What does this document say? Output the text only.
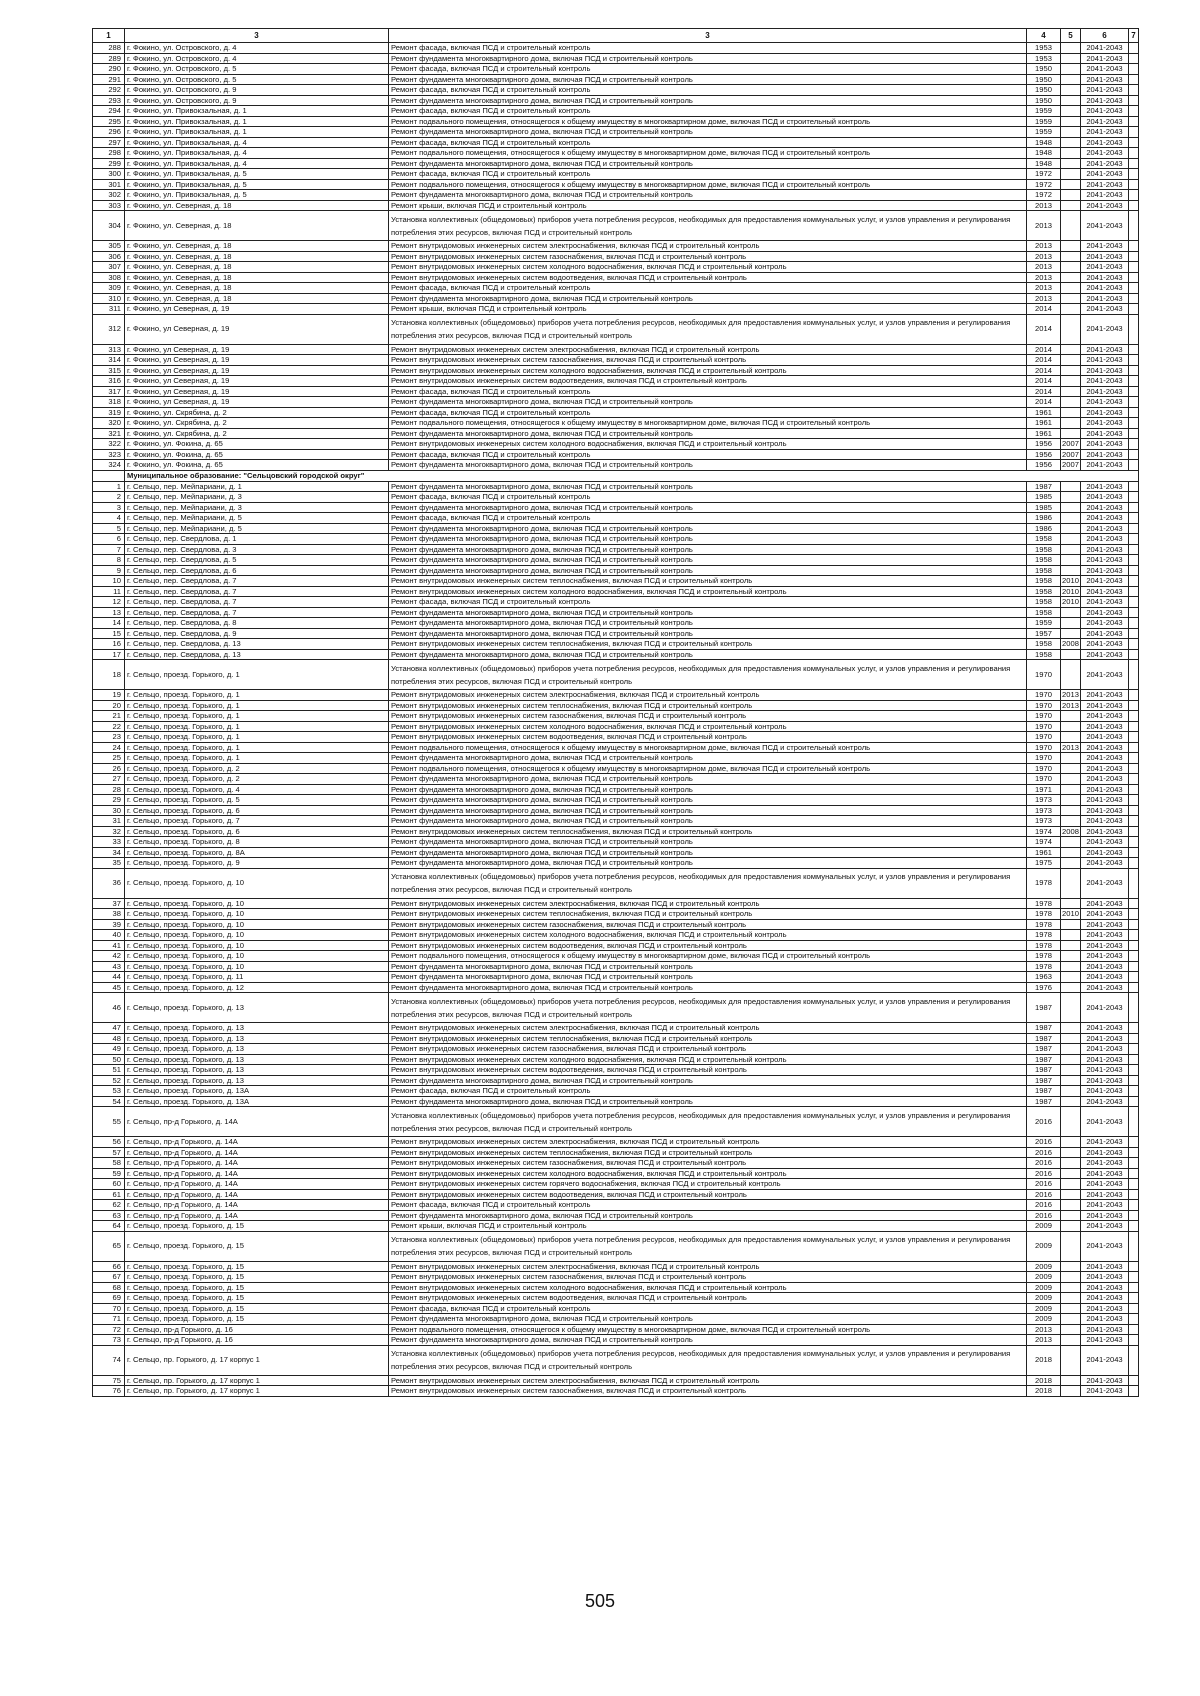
1	3	3	4	5	6	7
288	г. Фокино, ул. Островского, д. 4	Ремонт фасада, включая ПСД и строительный контроль	1953		2041-2043	
289	г. Фокино, ул. Островского, д. 4	Ремонт фундамента многоквартирного дома, включая ПСД и строительный контроль	1953		2041-2043	
290	г. Фокино, ул. Островского, д. 5	Ремонт фасада, включая ПСД и строительный контроль	1950		2041-2043	
291	г. Фокино, ул. Островского, д. 5	Ремонт фундамента многоквартирного дома, включая ПСД и строительный контроль	1950		2041-2043	
292	г. Фокино, ул. Островского, д. 9	Ремонт фасада, включая ПСД и строительный контроль	1950		2041-2043	
293	г. Фокино, ул. Островского, д. 9	Ремонт фундамента многоквартирного дома, включая ПСД и строительный контроль	1950		2041-2043	
294	г. Фокино, ул. Привокзальная, д. 1	Ремонт фасада, включая ПСД и строительный контроль	1959		2041-2043	
295	г. Фокино, ул. Привокзальная, д. 1	Ремонт подвального помещения, относящегося к общему имуществу в многоквартирном доме, включая ПСД и строительный контроль	1959		2041-2043	
296	г. Фокино, ул. Привокзальная, д. 1	Ремонт фундамента многоквартирного дома, включая ПСД и строительный контроль	1959		2041-2043	
297	г. Фокино, ул. Привокзальная, д. 4	Ремонт фасада, включая ПСД и строительный контроль	1948		2041-2043	
298	г. Фокино, ул. Привокзальная, д. 4	Ремонт подвального помещения, относящегося к общему имуществу в многоквартирном доме, включая ПСД и строительный контроль	1948		2041-2043	
299	г. Фокино, ул. Привокзальная, д. 4	Ремонт фундамента многоквартирного дома, включая ПСД и строительный контроль	1948		2041-2043	
300	г. Фокино, ул. Привокзальная, д. 5	Ремонт фасада, включая ПСД и строительный контроль	1972		2041-2043	
301	г. Фокино, ул. Привокзальная, д. 5	Ремонт подвального помещения, относящегося к общему имуществу в многоквартирном доме, включая ПСД и строительный контроль	1972		2041-2043	
302	г. Фокино, ул. Привокзальная, д. 5	Ремонт фундамента многоквартирного дома, включая ПСД и строительный контроль	1972		2041-2043	
303	г. Фокино, ул. Северная, д. 18	Ремонт крыши, включая ПСД и строительный контроль	2013		2041-2043	
304	г. Фокино, ул. Северная, д. 18	Установка коллективных (общедомовых) приборов учета потребления ресурсов, необходимых для предоставления коммунальных услуг, и узлов управления и регулирования потребления этих ресурсов, включая ПСД и строительный контроль	2013		2041-2043	
305	г. Фокино, ул. Северная, д. 18	Ремонт внутридомовых инженерных систем электроснабжения, включая ПСД и строительный контроль	2013		2041-2043	
306	г. Фокино, ул. Северная, д. 18	Ремонт внутридомовых инженерных систем газоснабжения, включая ПСД и строительный контроль	2013		2041-2043	
307	г. Фокино, ул. Северная, д. 18	Ремонт внутридомовых инженерных систем холодного водоснабжения, включая ПСД и строительный контроль	2013		2041-2043	
308	г. Фокино, ул. Северная, д. 18	Ремонт внутридомовых инженерных систем водоотведения, включая ПСД и строительный контроль	2013		2041-2043	
309	г. Фокино, ул. Северная, д. 18	Ремонт фасада, включая ПСД и строительный контроль	2013		2041-2043	
310	г. Фокино, ул. Северная, д. 18	Ремонт фундамента многоквартирного дома, включая ПСД и строительный контроль	2013		2041-2043	
311	г. Фокино, ул Северная, д. 19	Ремонт крыши, включая ПСД и строительный контроль	2014		2041-2043	
312	г. Фокино, ул Северная, д. 19	Установка коллективных (общедомовых) приборов учета потребления ресурсов, необходимых для предоставления коммунальных услуг, и узлов управления и регулирования потребления этих ресурсов, включая ПСД и строительный контроль	2014		2041-2043	
313	г. Фокино, ул Северная, д. 19	Ремонт внутридомовых инженерных систем электроснабжения, включая ПСД и строительный контроль	2014		2041-2043	
314	г. Фокино, ул Северная, д. 19	Ремонт внутридомовых инженерных систем газоснабжения, включая ПСД и строительный контроль	2014		2041-2043	
315	г. Фокино, ул Северная, д. 19	Ремонт внутридомовых инженерных систем холодного водоснабжения, включая ПСД и строительный контроль	2014		2041-2043	
316	г. Фокино, ул Северная, д. 19	Ремонт внутридомовых инженерных систем водоотведения, включая ПСД и строительный контроль	2014		2041-2043	
317	г. Фокино, ул Северная, д. 19	Ремонт фасада, включая ПСД и строительный контроль	2014		2041-2043	
318	г. Фокино, ул Северная, д. 19	Ремонт фундамента многоквартирного дома, включая ПСД и строительный контроль	2014		2041-2043	
319	г. Фокино, ул. Скрябина, д. 2	Ремонт фасада, включая ПСД и строительный контроль	1961		2041-2043	
320	г. Фокино, ул. Скрябина, д. 2	Ремонт подвального помещения, относящегося к общему имуществу в многоквартирном доме, включая ПСД и строительный контроль	1961		2041-2043	
321	г. Фокино, ул. Скрябина, д. 2	Ремонт фундамента многоквартирного дома, включая ПСД и строительный контроль	1961		2041-2043	
322	г. Фокино, ул. Фокина, д. 65	Ремонт внутридомовых инженерных систем холодного водоснабжения, включая ПСД и строительный контроль	1956	2007	2041-2043	
323	г. Фокино, ул. Фокина, д. 65	Ремонт фасада, включая ПСД и строительный контроль	1956	2007	2041-2043	
324	г. Фокино, ул. Фокина, д. 65	Ремонт фундамента многоквартирного дома, включая ПСД и строительный контроль	1956	2007	2041-2043	
	Муниципальное образование: "Сельцовский городской округ"					
1	г. Сельцо, пер. Мейпариани, д. 1	Ремонт фундамента многоквартирного дома, включая ПСД и строительный контроль	1987		2041-2043	
2	г. Сельцо, пер. Мейпариани, д. 3	Ремонт фасада, включая ПСД и строительный контроль	1985		2041-2043	
3	г. Сельцо, пер. Мейпариани, д. 3	Ремонт фундамента многоквартирного дома, включая ПСД и строительный контроль	1985		2041-2043	
4	г. Сельцо, пер. Мейпариани, д. 5	Ремонт фасада, включая ПСД и строительный контроль	1986		2041-2043	
5	г. Сельцо, пер. Мейпариани, д. 5	Ремонт фундамента многоквартирного дома, включая ПСД и строительный контроль	1986		2041-2043	
6	г. Сельцо, пер. Свердлова, д. 1	Ремонт фундамента многоквартирного дома, включая ПСД и строительный контроль	1958		2041-2043	
7	г. Сельцо, пер. Свердлова, д. 3	Ремонт фундамента многоквартирного дома, включая ПСД и строительный контроль	1958		2041-2043	
8	г. Сельцо, пер. Свердлова, д. 5	Ремонт фундамента многоквартирного дома, включая ПСД и строительный контроль	1958		2041-2043	
9	г. Сельцо, пер. Свердлова, д. 6	Ремонт фундамента многоквартирного дома, включая ПСД и строительный контроль	1958		2041-2043	
10	г. Сельцо, пер. Свердлова, д. 7	Ремонт внутридомовых инженерных систем теплоснабжения, включая ПСД и строительный контроль	1958	2010	2041-2043	
11	г. Сельцо, пер. Свердлова, д. 7	Ремонт внутридомовых инженерных систем холодного водоснабжения, включая ПСД и строительный контроль	1958	2010	2041-2043	
12	г. Сельцо, пер. Свердлова, д. 7	Ремонт фасада, включая ПСД и строительный контроль	1958	2010	2041-2043	
13	г. Сельцо, пер. Свердлова, д. 7	Ремонт фундамента многоквартирного дома, включая ПСД и строительный контроль	1958		2041-2043	
14	г. Сельцо, пер. Свердлова, д. 8	Ремонт фундамента многоквартирного дома, включая ПСД и строительный контроль	1959		2041-2043	
15	г. Сельцо, пер. Свердлова, д. 9	Ремонт фундамента многоквартирного дома, включая ПСД и строительный контроль	1957		2041-2043	
16	г. Сельцо, пер. Свердлова, д. 13	Ремонт внутридомовых инженерных систем теплоснабжения, включая ПСД и строительный контроль	1958	2008	2041-2043	
17	г. Сельцо, пер. Свердлова, д. 13	Ремонт фундамента многоквартирного дома, включая ПСД и строительный контроль	1958		2041-2043	
18	г. Сельцо, проезд. Горького, д. 1	Установка коллективных (общедомовых) приборов учета потребления ресурсов, необходимых для предоставления коммунальных услуг, и узлов управления и регулирования потребления этих ресурсов, включая ПСД и строительный контроль	1970		2041-2043	
19	г. Сельцо, проезд. Горького, д. 1	Ремонт внутридомовых инженерных систем электроснабжения, включая ПСД и строительный контроль	1970	2013	2041-2043	
20	г. Сельцо, проезд. Горького, д. 1	Ремонт внутридомовых инженерных систем теплоснабжения, включая ПСД и строительный контроль	1970	2013	2041-2043	
21	г. Сельцо, проезд. Горького, д. 1	Ремонт внутридомовых инженерных систем газоснабжения, включая ПСД и строительный контроль	1970		2041-2043	
22	г. Сельцо, проезд. Горького, д. 1	Ремонт внутридомовых инженерных систем холодного водоснабжения, включая ПСД и строительный контроль	1970		2041-2043	
23	г. Сельцо, проезд. Горького, д. 1	Ремонт внутридомовых инженерных систем водоотведения, включая ПСД и строительный контроль	1970		2041-2043	
24	г. Сельцо, проезд. Горького, д. 1	Ремонт подвального помещения, относящегося к общему имуществу в многоквартирном доме, включая ПСД и строительный контроль	1970	2013	2041-2043	
25	г. Сельцо, проезд. Горького, д. 1	Ремонт фундамента многоквартирного дома, включая ПСД и строительный контроль	1970		2041-2043	
26	г. Сельцо, проезд. Горького, д. 2	Ремонт подвального помещения, относящегося к общему имуществу в многоквартирном доме, включая ПСД и строительный контроль	1970		2041-2043	
27	г. Сельцо, проезд. Горького, д. 2	Ремонт фундамента многоквартирного дома, включая ПСД и строительный контроль	1970		2041-2043	
28	г. Сельцо, проезд. Горького, д. 4	Ремонт фундамента многоквартирного дома, включая ПСД и строительный контроль	1971		2041-2043	
29	г. Сельцо, проезд. Горького, д. 5	Ремонт фундамента многоквартирного дома, включая ПСД и строительный контроль	1973		2041-2043	
30	г. Сельцо, проезд. Горького, д. 6	Ремонт фундамента многоквартирного дома, включая ПСД и строительный контроль	1973		2041-2043	
31	г. Сельцо, проезд. Горького, д. 7	Ремонт фундамента многоквартирного дома, включая ПСД и строительный контроль	1973		2041-2043	
32	г. Сельцо, проезд. Горького, д. 6	Ремонт внутридомовых инженерных систем теплоснабжения, включая ПСД и строительный контроль	1974	2008	2041-2043	
33	г. Сельцо, проезд. Горького, д. 8	Ремонт фундамента многоквартирного дома, включая ПСД и строительный контроль	1974		2041-2043	
34	г. Сельцо, проезд. Горького, д. 8А	Ремонт фундамента многоквартирного дома, включая ПСД и строительный контроль	1961		2041-2043	
35	г. Сельцо, проезд. Горького, д. 9	Ремонт фундамента многоквартирного дома, включая ПСД и строительный контроль	1975		2041-2043	
36	г. Сельцо, проезд. Горького, д. 10	Установка коллективных (общедомовых) приборов учета потребления ресурсов, необходимых для предоставления коммунальных услуг, и узлов управления и регулирования потребления этих ресурсов, включая ПСД и строительный контроль	1978		2041-2043	
37	г. Сельцо, проезд. Горького, д. 10	Ремонт внутридомовых инженерных систем электроснабжения, включая ПСД и строительный контроль	1978		2041-2043	
38	г. Сельцо, проезд. Горького, д. 10	Ремонт внутридомовых инженерных систем теплоснабжения, включая ПСД и строительный контроль	1978	2010	2041-2043	
39	г. Сельцо, проезд. Горького, д. 10	Ремонт внутридомовых инженерных систем газоснабжения, включая ПСД и строительный контроль	1978		2041-2043	
40	г. Сельцо, проезд. Горького, д. 10	Ремонт внутридомовых инженерных систем холодного водоснабжения, включая ПСД и строительный контроль	1978		2041-2043	
41	г. Сельцо, проезд. Горького, д. 10	Ремонт внутридомовых инженерных систем водоотведения, включая ПСД и строительный контроль	1978		2041-2043	
42	г. Сельцо, проезд. Горького, д. 10	Ремонт подвального помещения, относящегося к общему имуществу в многоквартирном доме, включая ПСД и строительный контроль	1978		2041-2043	
43	г. Сельцо, проезд. Горького, д. 10	Ремонт фундамента многоквартирного дома, включая ПСД и строительный контроль	1978		2041-2043	
44	г. Сельцо, проезд. Горького, д. 11	Ремонт фундамента многоквартирного дома, включая ПСД и строительный контроль	1963		2041-2043	
45	г. Сельцо, проезд. Горького, д. 12	Ремонт фундамента многоквартирного дома, включая ПСД и строительный контроль	1976		2041-2043	
46	г. Сельцо, проезд. Горького, д. 13	Установка коллективных (общедомовых) приборов учета потребления ресурсов, необходимых для предоставления коммунальных услуг, и узлов управления и регулирования потребления этих ресурсов, включая ПСД и строительный контроль	1987		2041-2043	
47	г. Сельцо, проезд. Горького, д. 13	Ремонт внутридомовых инженерных систем электроснабжения, включая ПСД и строительный контроль	1987		2041-2043	
48	г. Сельцо, проезд. Горького, д. 13	Ремонт внутридомовых инженерных систем теплоснабжения, включая ПСД и строительный контроль	1987		2041-2043	
49	г. Сельцо, проезд. Горького, д. 13	Ремонт внутридомовых инженерных систем газоснабжения, включая ПСД и строительный контроль	1987		2041-2043	
50	г. Сельцо, проезд. Горького, д. 13	Ремонт внутридомовых инженерных систем холодного водоснабжения, включая ПСД и строительный контроль	1987		2041-2043	
51	г. Сельцо, проезд. Горького, д. 13	Ремонт внутридомовых инженерных систем водоотведения, включая ПСД и строительный контроль	1987		2041-2043	
52	г. Сельцо, проезд. Горького, д. 13	Ремонт фундамента многоквартирного дома, включая ПСД и строительный контроль	1987		2041-2043	
53	г. Сельцо, проезд. Горького, д. 13А	Ремонт фасада, включая ПСД и строительный контроль	1987		2041-2043	
54	г. Сельцо, проезд. Горького, д. 13А	Ремонт фундамента многоквартирного дома, включая ПСД и строительный контроль	1987		2041-2043	
55	г. Сельцо, пр-д Горького, д. 14А	Установка коллективных (общедомовых) приборов учета потребления ресурсов, необходимых для предоставления коммунальных услуг, и узлов управления и регулирования потребления этих ресурсов, включая ПСД и строительный контроль	2016		2041-2043	
56	г. Сельцо, пр-д Горького, д. 14А	Ремонт внутридомовых инженерных систем электроснабжения, включая ПСД и строительный контроль	2016		2041-2043	
57	г. Сельцо, пр-д Горького, д. 14А	Ремонт внутридомовых инженерных систем теплоснабжения, включая ПСД и строительный контроль	2016		2041-2043	
58	г. Сельцо, пр-д Горького, д. 14А	Ремонт внутридомовых инженерных систем газоснабжения, включая ПСД и строительный контроль	2016		2041-2043	
59	г. Сельцо, пр-д Горького, д. 14А	Ремонт внутридомовых инженерных систем холодного водоснабжения, включая ПСД и строительный контроль	2016		2041-2043	
60	г. Сельцо, пр-д Горького, д. 14А	Ремонт внутридомовых инженерных систем горячего водоснабжения, включая ПСД и строительный контроль	2016		2041-2043	
61	г. Сельцо, пр-д Горького, д. 14А	Ремонт внутридомовых инженерных систем водоотведения, включая ПСД и строительный контроль	2016		2041-2043	
62	г. Сельцо, пр-д Горького, д. 14А	Ремонт фасада, включая ПСД и строительный контроль	2016		2041-2043	
63	г. Сельцо, пр-д Горького, д. 14А	Ремонт фундамента многоквартирного дома, включая ПСД и строительный контроль	2016		2041-2043	
64	г. Сельцо, проезд. Горького, д. 15	Ремонт крыши, включая ПСД и строительный контроль	2009		2041-2043	
65	г. Сельцо, проезд. Горького, д. 15	Установка коллективных (общедомовых) приборов учета потребления ресурсов, необходимых для предоставления коммунальных услуг, и узлов управления и регулирования потребления этих ресурсов, включая ПСД и строительный контроль	2009		2041-2043	
66	г. Сельцо, проезд. Горького, д. 15	Ремонт внутридомовых инженерных систем электроснабжения, включая ПСД и строительный контроль	2009		2041-2043	
67	г. Сельцо, проезд. Горького, д. 15	Ремонт внутридомовых инженерных систем газоснабжения, включая ПСД и строительный контроль	2009		2041-2043	
68	г. Сельцо, проезд. Горького, д. 15	Ремонт внутридомовых инженерных систем холодного водоснабжения, включая ПСД и строительный контроль	2009		2041-2043	
69	г. Сельцо, проезд. Горького, д. 15	Ремонт внутридомовых инженерных систем водоотведения, включая ПСД и строительный контроль	2009		2041-2043	
70	г. Сельцо, проезд. Горького, д. 15	Ремонт фасада, включая ПСД и строительный контроль	2009		2041-2043	
71	г. Сельцо, проезд. Горького, д. 15	Ремонт фундамента многоквартирного дома, включая ПСД и строительный контроль	2009		2041-2043	
72	г. Сельцо, пр-д Горького, д. 16	Ремонт подвального помещения, относящегося к общему имуществу в многоквартирном доме, включая ПСД и строительный контроль	2013		2041-2043	
73	г. Сельцо, пр-д Горького, д. 16	Ремонт фундамента многоквартирного дома, включая ПСД и строительный контроль	2013		2041-2043	
74	г. Сельцо, пр. Горького, д. 17 корпус 1	Установка коллективных (общедомовых) приборов учета потребления ресурсов, необходимых для предоставления коммунальных услуг, и узлов управления и регулирования потребления этих ресурсов, включая ПСД и строительный контроль	2018		2041-2043	
75	г. Сельцо, пр. Горького, д. 17 корпус 1	Ремонт внутридомовых инженерных систем электроснабжения, включая ПСД и строительный контроль	2018		2041-2043	
76	г. Сельцо, пр. Горького, д. 17 корпус 1	Ремонт внутридомовых инженерных систем газоснабжения, включая ПСД и строительный контроль	2018		2041-2043	
505
